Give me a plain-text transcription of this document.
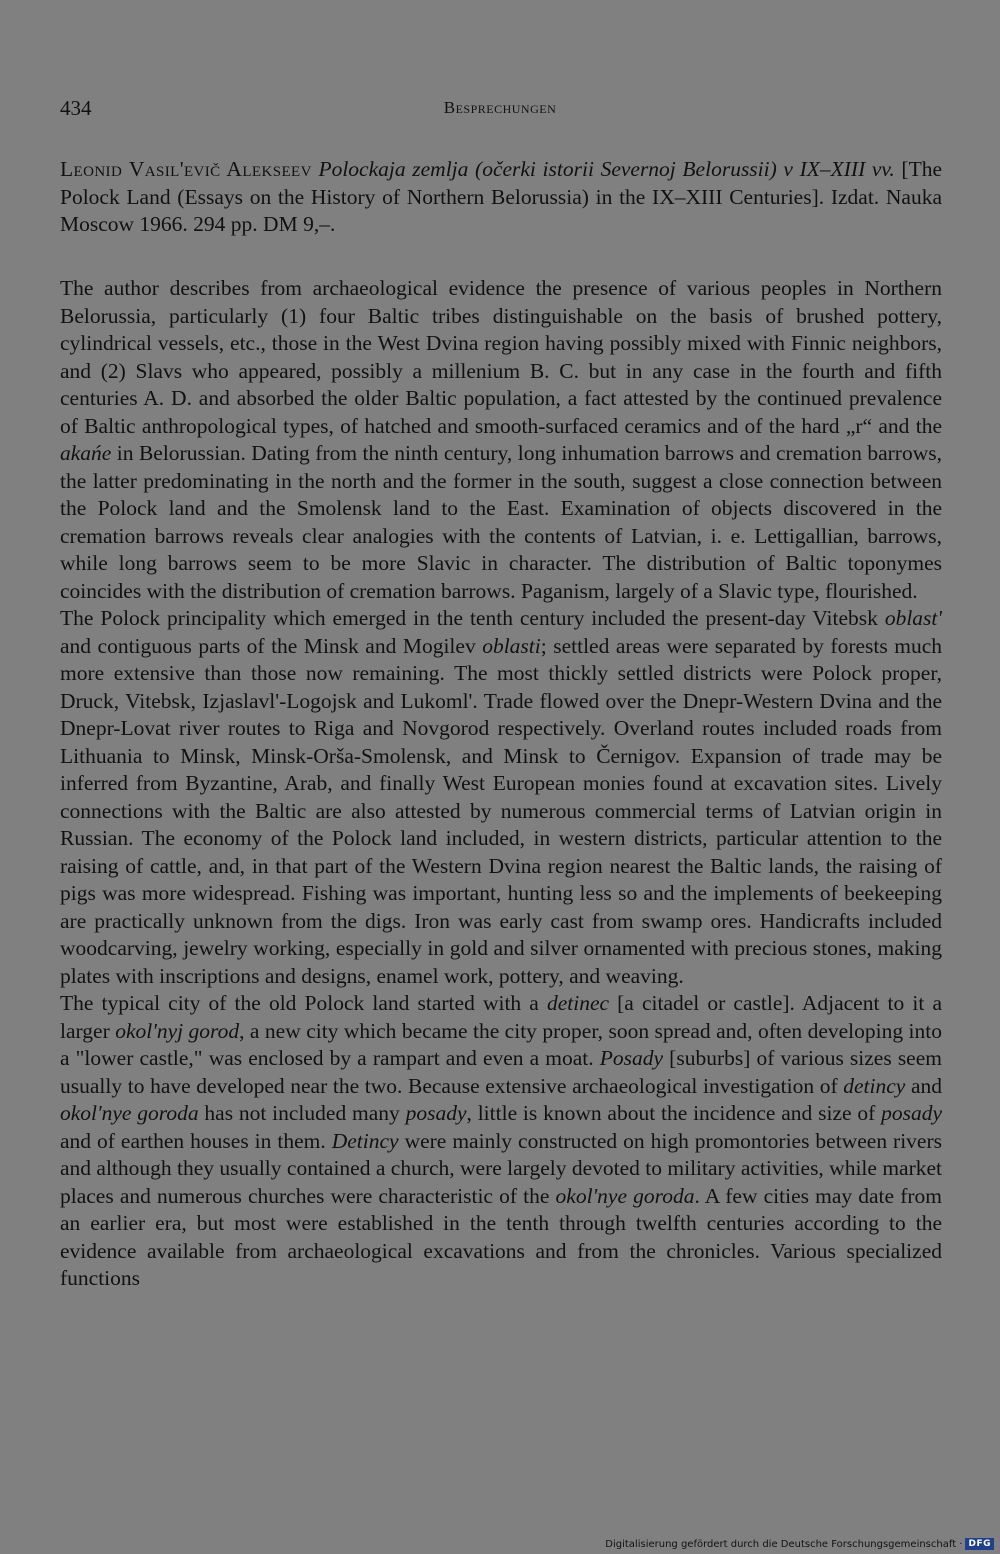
434	Besprechungen
Leonid Vasil'evič Alekseev Polockaja zemlja (očerki istorii Severnoj Belorussii) v IX–XIII vv. [The Polock Land (Essays on the History of Northern Belorussia) in the IX–XIII Centuries]. Izdat. Nauka Moscow 1966. 294 pp. DM 9,–.

The author describes from archaeological evidence the presence of various peoples in Northern Belorussia, particularly (1) four Baltic tribes distinguishable on the basis of brushed pottery, cylindrical vessels, etc., those in the West Dvina region having possibly mixed with Finnic neighbors, and (2) Slavs who appeared, possibly a millenium B. C. but in any case in the fourth and fifth centuries A. D. and absorbed the older Baltic population, a fact attested by the continued prevalence of Baltic anthropological types, of hatched and smooth-surfaced ceramics and of the hard „r“ and the akańe in Belorussian. Dating from the ninth century, long inhumation barrows and cremation barrows, the latter predominating in the north and the former in the south, suggest a close connection between the Polock land and the Smolensk land to the East. Examination of objects discovered in the cremation barrows reveals clear analogies with the contents of Latvian, i. e. Lettigallian, barrows, while long barrows seem to be more Slavic in character. The distribution of Baltic toponymes coincides with the distribution of cremation barrows. Paganism, largely of a Slavic type, flourished.

The Polock principality which emerged in the tenth century included the present-day Vitebsk oblast' and contiguous parts of the Minsk and Mogilev oblasti; settled areas were separated by forests much more extensive than those now remaining. The most thickly settled districts were Polock proper, Druck, Vitebsk, Izjaslavl'-Logojsk and Lukoml'. Trade flowed over the Dnepr-Western Dvina and the Dnepr-Lovat river routes to Riga and Novgorod respectively. Overland routes included roads from Lithuania to Minsk, Minsk-Orša-Smolensk, and Minsk to Černigov. Expansion of trade may be inferred from Byzantine, Arab, and finally West European monies found at excavation sites. Lively connections with the Baltic are also attested by numerous commercial terms of Latvian origin in Russian. The economy of the Polock land included, in western districts, particular attention to the raising of cattle, and, in that part of the Western Dvina region nearest the Baltic lands, the raising of pigs was more widespread. Fishing was important, hunting less so and the implements of beekeeping are practically unknown from the digs. Iron was early cast from swamp ores. Handicrafts included woodcarving, jewelry working, especially in gold and silver ornamented with precious stones, making plates with inscriptions and designs, enamel work, pottery, and weaving.

The typical city of the old Polock land started with a detinec [a citadel or castle]. Adjacent to it a larger okol'nyj gorod, a new city which became the city proper, soon spread and, often developing into a "lower castle," was enclosed by a rampart and even a moat. Posady [suburbs] of various sizes seem usually to have developed near the two. Because extensive archaeological investigation of detincy and okol'nye goroda has not included many posady, little is known about the incidence and size of posady and of earthen houses in them. Detincy were mainly constructed on high promontories between rivers and although they usually contained a church, were largely devoted to military activities, while market places and numerous churches were characteristic of the okol'nye goroda. A few cities may date from an earlier era, but most were established in the tenth through twelfth centuries according to the evidence available from archaeological excavations and from the chronicles. Various specialized functions

Digitalisierung gefördert durch die Deutsche Forschungsgemeinschaft · DFG
